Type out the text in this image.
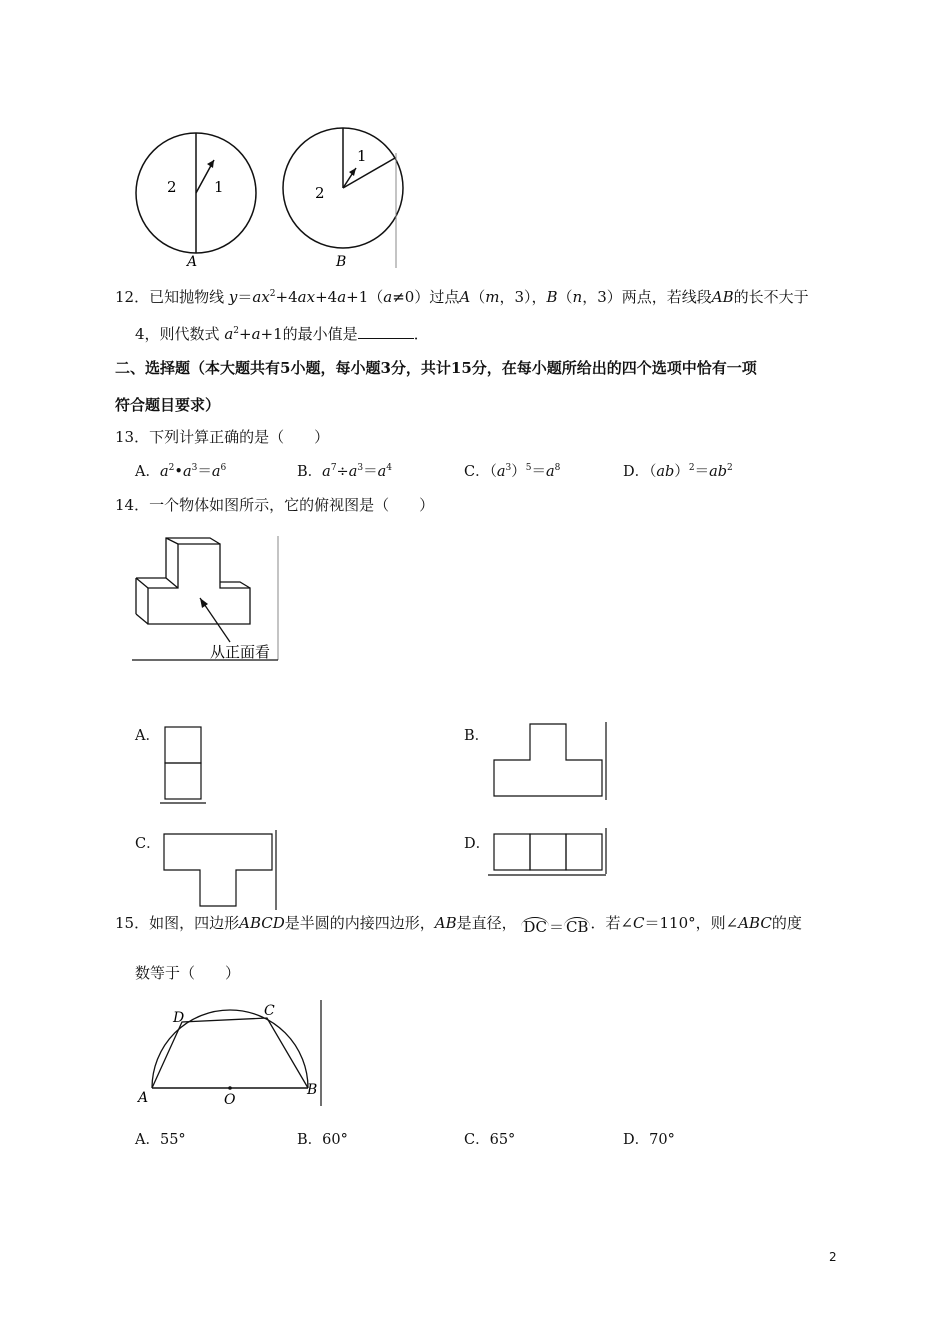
2 1
A
1
2
B
12．已知抛物线 $y=ax^2+4ax+4a+1(a\ne 0)$过点A（m，3），B（n，3）两点，若线段AB的长不大于
4，则代数式 $a^2+a+1$的最小值是	．
二、选择题（本大题共有5小题，每小题3分，共计15分，在每小题所给出的四个选项中恰有一项
符合题目要求）
13．下列计算正确的是（　　）
A．$a^2•a^3=a^6$	B．$a^7\div a^3=a^4$	C．$(a^3)^5=a^8$	D．$(ab)^2=ab^2$
14．一个物体如图所示，它的俯视图是（　　）
从正面看
A．	B．
C．	D．
15．如图，四边形ABCD是半圆的内接四边形，AB是直径， DC ＝ CB ．若∠C＝110°，则∠ABC的度
数等于（　　）
A	O
B
D	C
A．55°	B．60°	C．65°	D．70°
2
